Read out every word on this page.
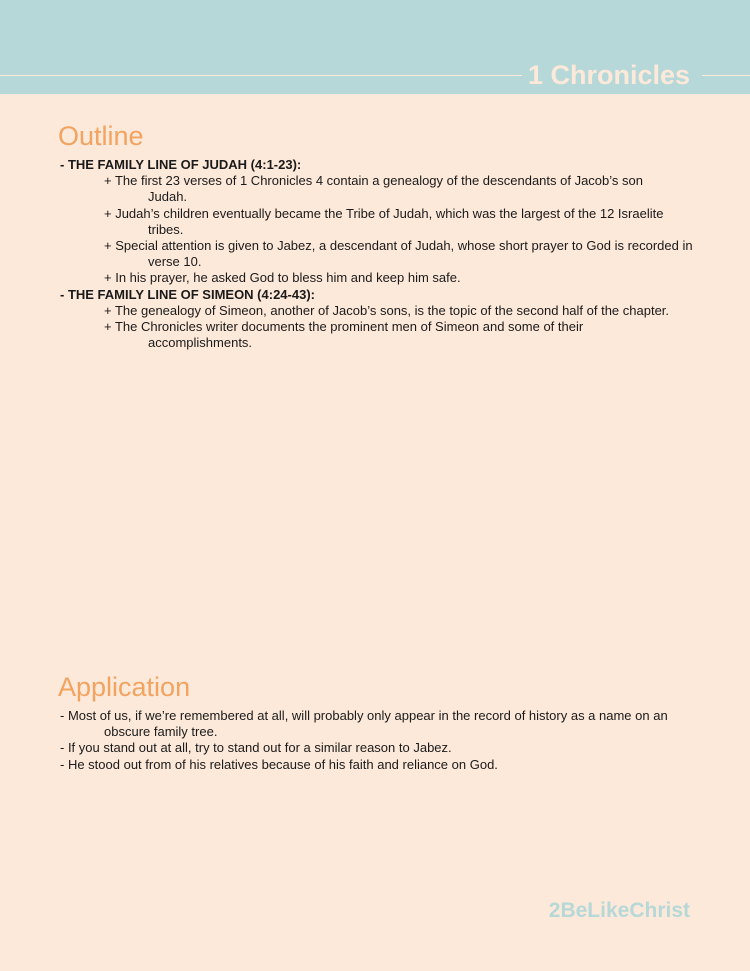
1 Chronicles
Outline

- THE FAMILY LINE OF JUDAH (4:1-23):

+ The first 23 verses of 1 Chronicles 4 contain a genealogy of the descendants of Jacob’s son Judah.

+ Judah’s children eventually became the Tribe of Judah, which was the largest of the 12 Israelite tribes.

+ Special attention is given to Jabez, a descendant of Judah, whose short prayer to God is recorded in verse 10.

+ In his prayer, he asked God to bless him and keep him safe.

- THE FAMILY LINE OF SIMEON (4:24-43):

+ The genealogy of Simeon, another of Jacob’s sons, is the topic of the second half of the chapter.

+ The Chronicles writer documents the prominent men of Simeon and some of their accomplishments.

Application

- Most of us, if we’re remembered at all, will probably only appear in the record of history as a name on an obscure family tree.

- If you stand out at all, try to stand out for a similar reason to Jabez.

- He stood out from of his relatives because of his faith and reliance on God.

2BeLikeChrist
